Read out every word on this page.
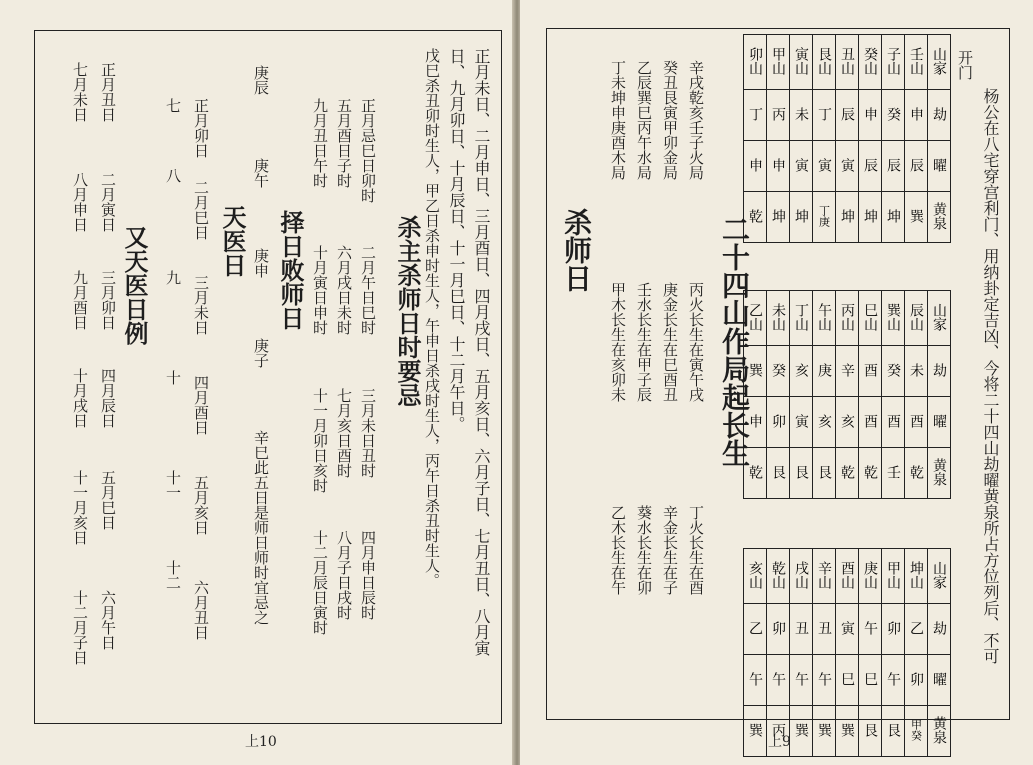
正月未日、二月申日、三月酉日、四月戌日、五月亥日、六月子日、七月丑日、八月寅
日、九月卯日、十月辰日、十一月巳日、十二月午日。
戊巳杀丑卯时生人，甲乙日杀申时生人，午申日杀戌时生人，丙午日杀丑时生人。
杀主杀师日时要忌
正月忌巳日卯时
二月午日巳时
三月未日丑时
四月申日辰时
五月酉日子时
六月戌日未时
七月亥日酉时
八月子日戌时
九月丑日午时
十月寅日申时
十一月卯日亥时
十二月辰日寅时
择日败师日
庚辰
庚午
庚申
庚子
辛巳此五日是师日师时宜忌之
天医日
正月卯日
二月巳日
三月未日
四月酉日
五月亥日
六月丑日
七
八
九
十
十一
十二
又天医日例
正月丑日
二月寅日
三月卯日
四月辰日
五月巳日
六月午日
七月未日
八月申日
九月酉日
十月戌日
十一月亥日
十二月子日
上10
开门
杨公在八宅穿宫利门、用纳卦定吉凶、今将二十四山劫曜黄泉所占方位列后、不可
卯山	甲山	寅山	艮山	丑山	癸山	子山	壬山	山家
丁	丙	未	丁	辰	申	癸	申	劫
申	申	寅	寅	寅	辰	辰	辰	曜
乾	坤	坤	丁庚	坤	坤	坤	巽	黄泉
乙山	未山	丁山	午山	丙山	巳山	巽山	辰山	山家
巽	癸	亥	庚	辛	酉	癸	未	劫
申	卯	寅	亥	亥	酉	酉	酉	曜
乾	艮	艮	艮	乾	乾	壬	乾	黄泉
亥山	乾山	戌山	辛山	酉山	庚山	甲山	坤山	山家
乙	卯	丑	丑	寅	午	卯	乙	劫
午	午	午	午	巳	巳	午	卯	曜
巽	丙	巽	巽	巽	艮	艮	甲癸	黄泉
二十四山作局起长生
辛戌乾亥壬子火局
癸丑艮寅甲卯金局
乙辰巽巳丙午水局
丁未坤申庚酉木局
丙火长生在寅午戌
丁火长生在酉
庚金长生在巳酉丑
辛金长生在子
壬水长生在甲子辰
葵水长生在卯
甲木长生在亥卯未
乙木长生在午
杀师日
上9
